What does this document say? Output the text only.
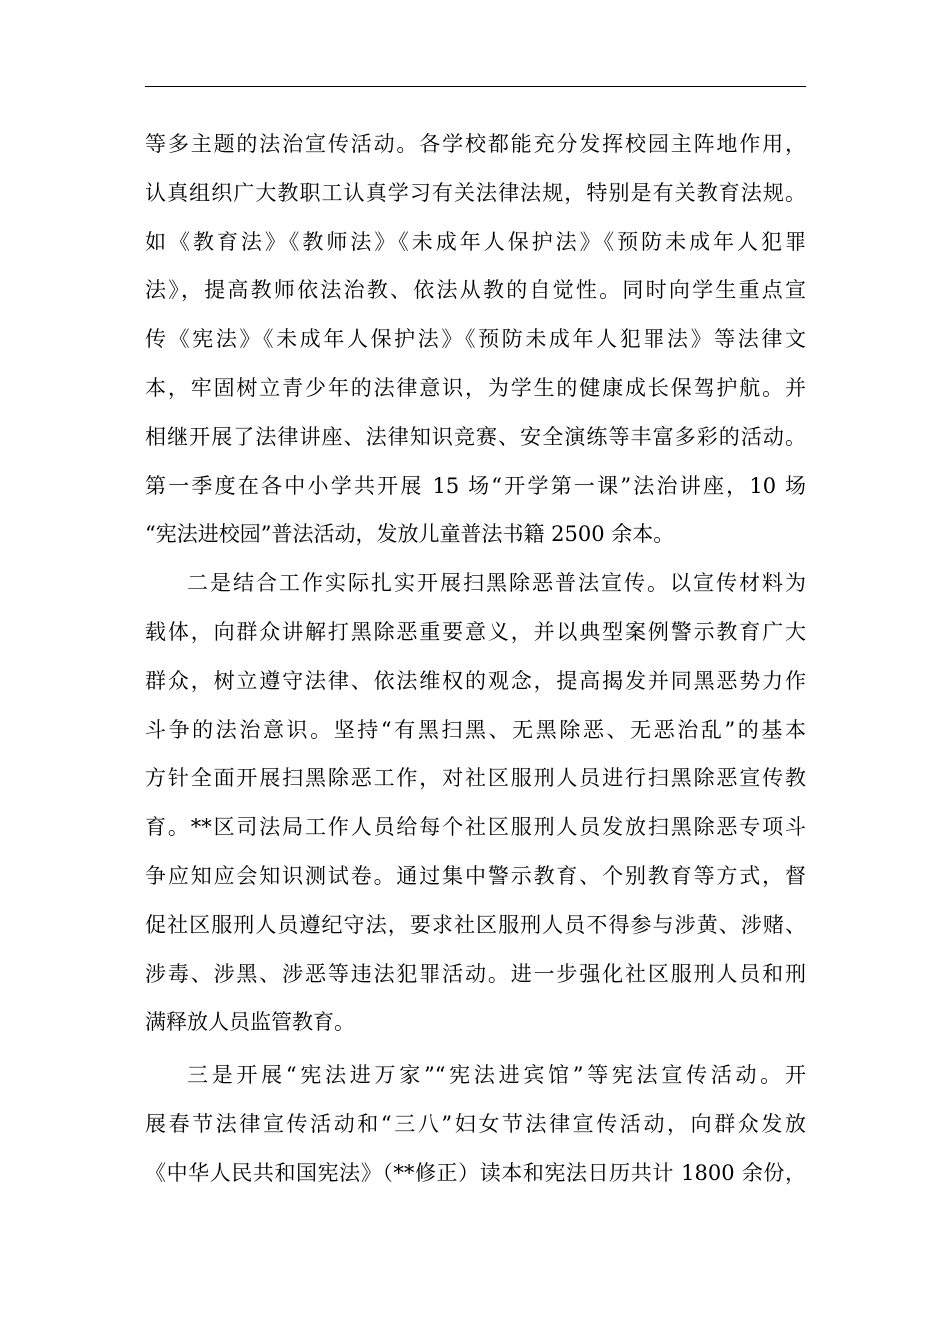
等多主题的法治宣传活动。各学校都能充分发挥校园主阵地作用，
认真组织广大教职工认真学习有关法律法规，特别是有关教育法规。
如《教育法》《教师法》《未成年人保护法》《预防未成年人犯罪
法》，提高教师依法治教、依法从教的自觉性。同时向学生重点宣
传《宪法》《未成年人保护法》《预防未成年人犯罪法》等法律文
本，牢固树立青少年的法律意识，为学生的健康成长保驾护航。并
相继开展了法律讲座、法律知识竞赛、安全演练等丰富多彩的活动。
第一季度在各中小学共开展 15 场“开学第一课”法治讲座，10 场
“宪法进校园”普法活动，发放儿童普法书籍 2500 余本。
二是结合工作实际扎实开展扫黑除恶普法宣传。以宣传材料为
载体，向群众讲解打黑除恶重要意义，并以典型案例警示教育广大
群众，树立遵守法律、依法维权的观念，提高揭发并同黑恶势力作
斗争的法治意识。坚持“有黑扫黑、无黑除恶、无恶治乱”的基本
方针全面开展扫黑除恶工作，对社区服刑人员进行扫黑除恶宣传教
育。**区司法局工作人员给每个社区服刑人员发放扫黑除恶专项斗
争应知应会知识测试卷。通过集中警示教育、个别教育等方式，督
促社区服刑人员遵纪守法，要求社区服刑人员不得参与涉黄、涉赌、
涉毒、涉黑、涉恶等违法犯罪活动。进一步强化社区服刑人员和刑
满释放人员监管教育。
三是开展“宪法进万家”“宪法进宾馆”等宪法宣传活动。开
展春节法律宣传活动和“三八”妇女节法律宣传活动，向群众发放
《中华人民共和国宪法》（**修正）读本和宪法日历共计 1800 余份，
